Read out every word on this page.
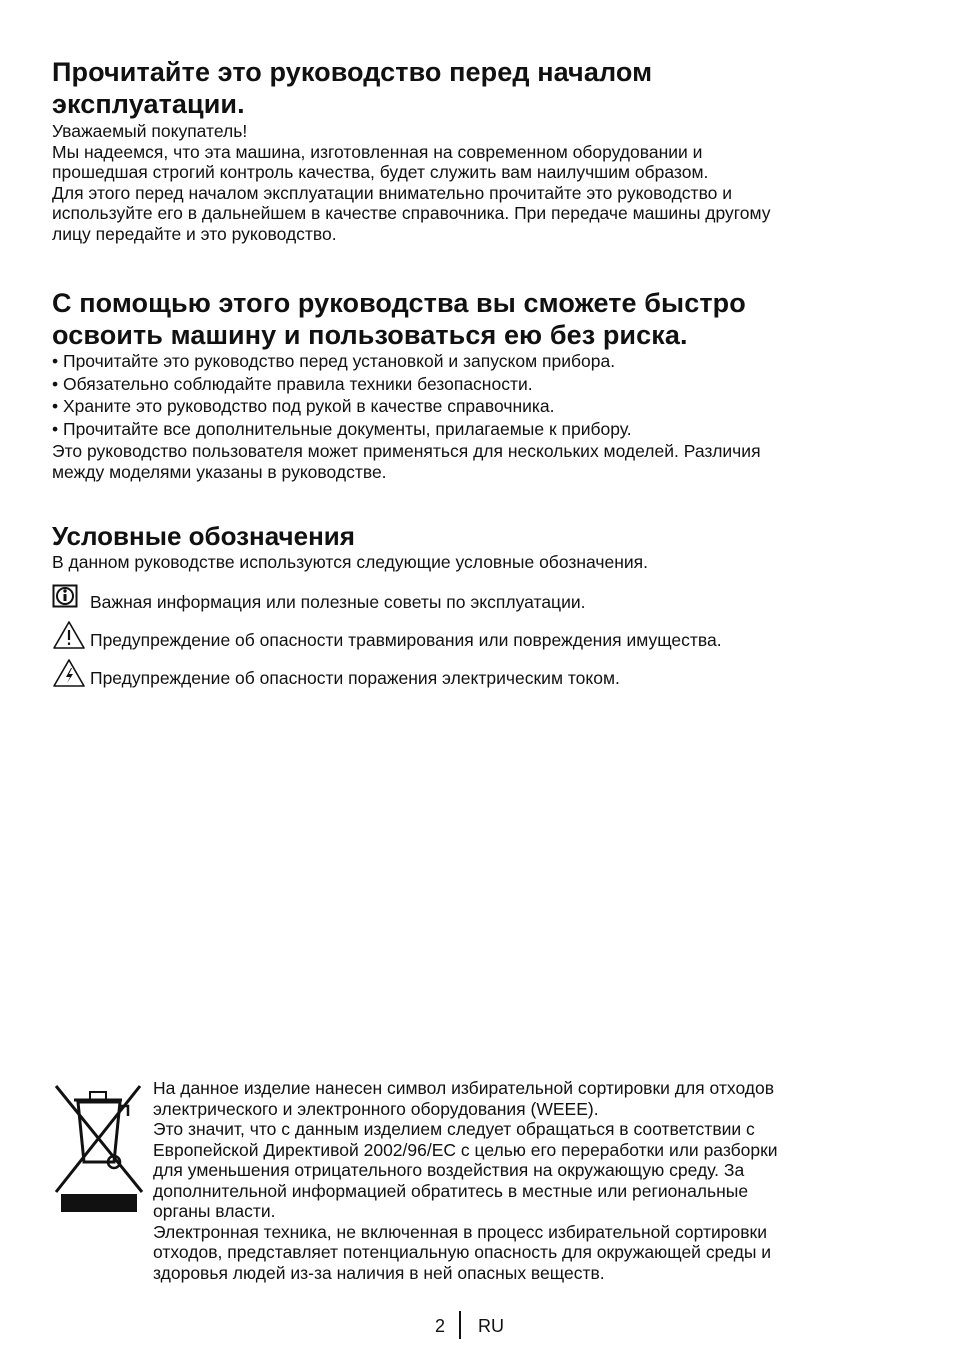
Прочитайте это руководство перед началом
эксплуатации.
Уважаемый покупатель!
Мы надеемся, что эта машина, изготовленная на современном оборудовании и
прошедшая строгий контроль качества, будет служить вам наилучшим образом.
Для этого перед началом эксплуатации внимательно прочитайте это руководство и
используйте его в дальнейшем в качестве справочника. При передаче машины другому
лицу передайте и это руководство.
С помощью этого руководства вы сможете быстро
освоить машину и пользоваться ею без риска.
• Прочитайте это руководство перед установкой и запуском прибора.
• Обязательно соблюдайте правила техники безопасности.
• Храните это руководство под рукой в качестве справочника.
• Прочитайте все дополнительные документы, прилагаемые к прибору.
Это руководство пользователя может применяться для нескольких моделей. Различия
между моделями указаны в руководстве.
Условные обозначения
В данном руководстве используются следующие условные обозначения.
Важная информация или полезные советы по эксплуатации.
Предупреждение об опасности травмирования или повреждения имущества.
Предупреждение об опасности поражения электрическим током.
На данное изделие нанесен символ избирательной сортировки для отходов
электрического и электронного оборудования (WEEE).
Это значит, что с данным изделием следует обращаться в соответствии с
Европейской Директивой 2002/96/EC с целью его переработки или разборки
для уменьшения отрицательного воздействия на окружающую среду. За
дополнительной информацией обратитесь в местные или региональные
органы власти.
Электронная техника, не включенная в процесс избирательной сортировки
отходов, представляет потенциальную опасность для окружающей среды и
здоровья людей из-за наличия в ней опасных веществ.
2 RU
